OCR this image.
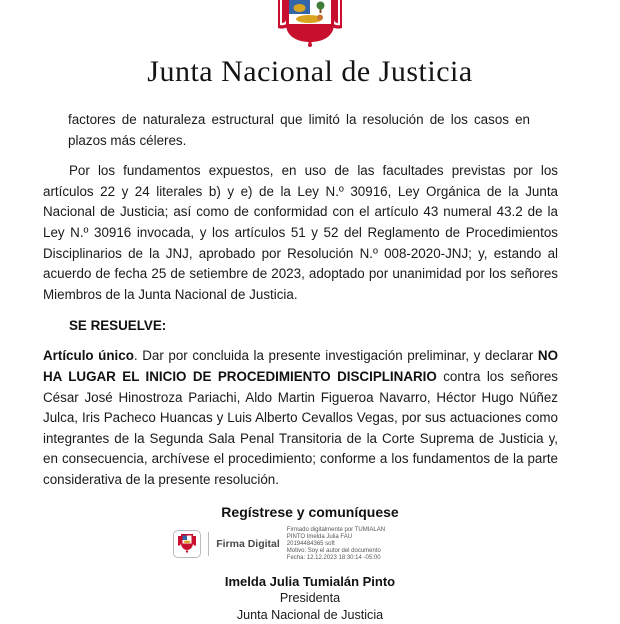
Junta Nacional de Justicia

factores de naturaleza estructural que limitó la resolución de los casos en plazos más céleres.

Por los fundamentos expuestos, en uso de las facultades previstas por los artículos 22 y 24 literales b) y e) de la Ley N.º 30916, Ley Orgánica de la Junta Nacional de Justicia; así como de conformidad con el artículo 43 numeral 43.2 de la Ley N.º 30916 invocada, y los artículos 51 y 52 del Reglamento de Procedimientos Disciplinarios de la JNJ, aprobado por Resolución N.º 008-2020-JNJ; y, estando al acuerdo de fecha 25 de setiembre de 2023, adoptado por unanimidad por los señores Miembros de la Junta Nacional de Justicia.

SE RESUELVE:

Artículo único. Dar por concluida la presente investigación preliminar, y declarar NO HA LUGAR EL INICIO DE PROCEDIMIENTO DISCIPLINARIO contra los señores César José Hinostroza Pariachi, Aldo Martin Figueroa Navarro, Héctor Hugo Núñez Julca, Iris Pacheco Huancas y Luis Alberto Cevallos Vegas, por sus actuaciones como integrantes de la Segunda Sala Penal Transitoria de la Corte Suprema de Justicia y, en consecuencia, archívese el procedimiento; conforme a los fundamentos de la parte considerativa de la presente resolución.

Regístrese y comuníquese
Firma Digital
Firmado digitalmente por TUMIALAN
PINTO Imelda Julia FAU
20194484365 soft
Motivo: Soy el autor del documento
Fecha: 12.12.2023 18:30:14 -05:00
Imelda Julia Tumialán Pinto
Presidenta
Junta Nacional de Justicia
